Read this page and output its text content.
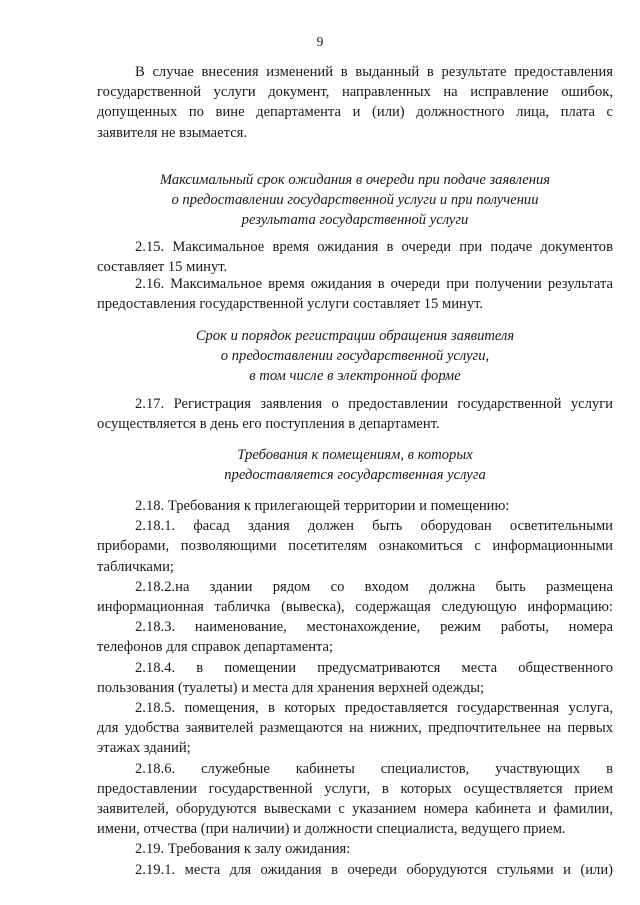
9
В случае внесения изменений в выданный в результате предоставления
государственной услуги документ, направленных на исправление ошибок,
допущенных по вине департамента и (или) должностного лица, плата с
заявителя не взымается.
Максимальный срок ожидания в очереди при подаче заявления
о предоставлении государственной услуги и при получении
результата государственной услуги
2.15. Максимальное время ожидания в очереди при подаче документов
составляет 15 минут.
2.16. Максимальное время ожидания в очереди при получении результата
предоставления государственной услуги составляет 15 минут.
Срок и порядок регистрации обращения заявителя
о предоставлении государственной услуги,
в том числе в электронной форме
2.17. Регистрация заявления о предоставлении государственной услуги
осуществляется в день его поступления в департамент.
Требования к помещениям, в которых
предоставляется государственная услуга
2.18. Требования к прилегающей территории и помещению:
2.18.1. фасад здания должен быть оборудован осветительными
приборами, позволяющими посетителям ознакомиться с информационными
табличками;
2.18.2.на здании рядом со входом должна быть размещена
информационная табличка (вывеска), содержащая следующую информацию:
2.18.3. наименование, местонахождение, режим работы, номера
телефонов для справок департамента;
2.18.4. в помещении предусматриваются места общественного
пользования (туалеты) и места для хранения верхней одежды;
2.18.5. помещения, в которых предоставляется государственная услуга,
для удобства заявителей размещаются на нижних, предпочтительнее на первых
этажах зданий;
2.18.6. служебные кабинеты специалистов, участвующих в
предоставлении государственной услуги, в которых осуществляется прием
заявителей, оборудуются вывесками с указанием номера кабинета и фамилии,
имени, отчества (при наличии) и должности специалиста, ведущего прием.
2.19. Требования к залу ожидания:
2.19.1. места для ожидания в очереди оборудуются стульями и (или)
